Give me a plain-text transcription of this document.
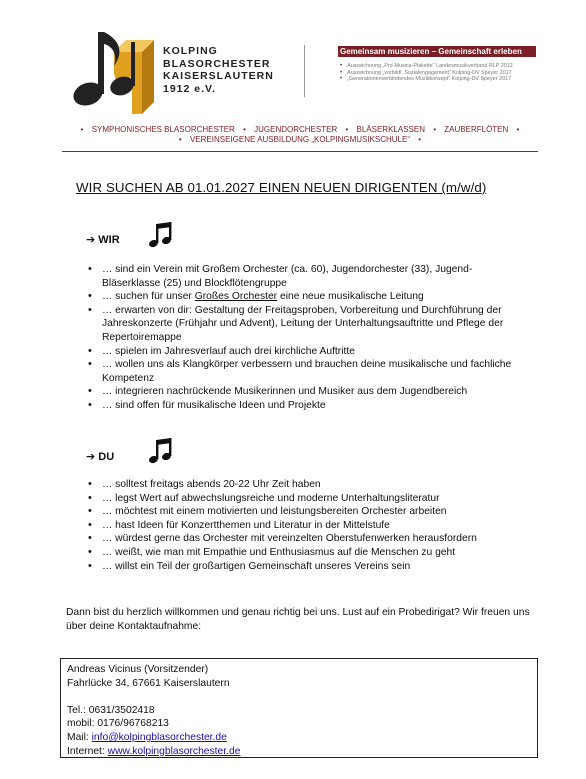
KOLPING
BLASORCHESTER
KAISERSLAUTERN
1912 e.V.
Gemeinsam musizieren – Gemeinschaft erleben
• Auszeichnung „Pro-Musica-Plakette“ Landesmusikverband RLP 2012
• Auszeichnung „vorbildl. Sozialengagement“ Kolping-DV Speyer 2017
• „Generationenverbindendes Musikkonzept“ Kolping-DV Speyer 2017
• SYMPHONISCHES BLASORCHESTER • JUGENDORCHESTER • BLÄSERKLASSEN • ZAUBERFLÖTEN •
• VEREINSEIGENE AUSBILDUNG „KOLPINGMUSIKSCHULE“ •
WIR SUCHEN AB 01.01.2027 EINEN NEUEN DIRIGENTEN (m/w/d)
➔ WIR
• … sind ein Verein mit Großem Orchester (ca. 60), Jugendorchester (33), Jugend-Bläserklasse (25) und Blockflötengruppe
• … suchen für unser Großes Orchester eine neue musikalische Leitung
• … erwarten von dir: Gestaltung der Freitagsproben, Vorbereitung und Durchführung der Jahreskonzerte (Frühjahr und Advent), Leitung der Unterhaltungsauftritte und Pflege der Repertoiremappe
• … spielen im Jahresverlauf auch drei kirchliche Auftritte
• … wollen uns als Klangkörper verbessern und brauchen deine musikalische und fachliche Kompetenz
• … integrieren nachrückende Musikerinnen und Musiker aus dem Jugendbereich
• … sind offen für musikalische Ideen und Projekte
➔ DU
• … solltest freitags abends 20-22 Uhr Zeit haben
• … legst Wert auf abwechslungsreiche und moderne Unterhaltungsliteratur
• … möchtest mit einem motivierten und leistungsbereiten Orchester arbeiten
• … hast Ideen für Konzertthemen und Literatur in der Mittelstufe
• … würdest gerne das Orchester mit vereinzelten Oberstufenwerken herausfordern
• … weißt, wie man mit Empathie und Enthusiasmus auf die Menschen zu geht
• … willst ein Teil der großartigen Gemeinschaft unseres Vereins sein
Dann bist du herzlich willkommen und genau richtig bei uns. Lust auf ein Probedirigat? Wir freuen uns über deine Kontaktaufnahme:
Andreas Vicinus (Vorsitzender)
Fahrlücke 34, 67661 Kaiserslautern
Tel.: 0631/3502418
mobil: 0176/96768213
Mail: info@kolpingblasorchester.de
Internet: www.kolpingblasorchester.de
